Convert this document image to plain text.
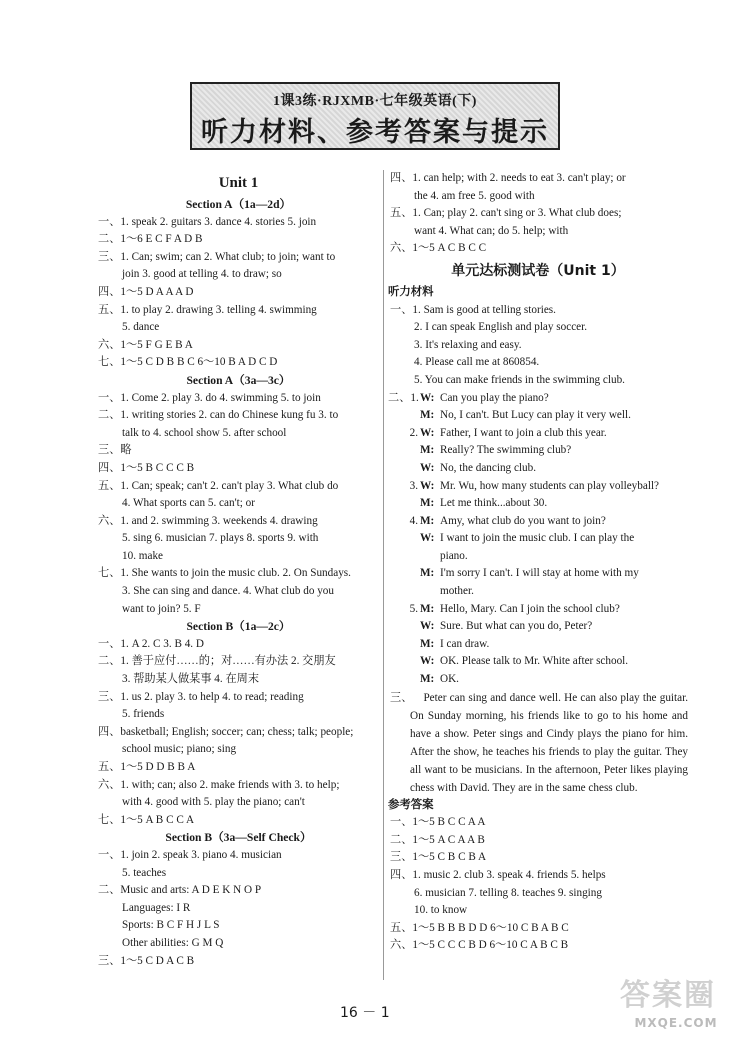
1课3练·RJXMB·七年级英语(下)
听力材料、参考答案与提示
Unit 1
Section A（1a—2d）
一、1. speak 2. guitars 3. dance 4. stories 5. join
二、1～6 E C F A D B
三、1. Can; swim; can 2. What club; to join; want to
join 3. good at telling 4. to draw; so
四、1～5 D A A A D
五、1. to play 2. drawing 3. telling 4. swimming
5. dance
六、1～5 F G E B A
七、1～5 C D B B C 6～10 B A D C D
Section A（3a—3c）
一、1. Come 2. play 3. do 4. swimming 5. to join
二、1. writing stories 2. can do Chinese kung fu 3. to
talk to 4. school show 5. after school
三、略
四、1～5 B C C C B
五、1. Can; speak; can't 2. can't play 3. What club do
4. What sports can 5. can't; or
六、1. and 2. swimming 3. weekends 4. drawing
5. sing 6. musician 7. plays 8. sports 9. with
10. make
七、1. She wants to join the music club. 2. On Sundays.
3. She can sing and dance. 4. What club do you
want to join? 5. F
Section B（1a—2c）
一、1. A 2. C 3. B 4. D
二、1. 善于应付……的；对……有办法 2. 交朋友
3. 帮助某人做某事 4. 在周末
三、1. us 2. play 3. to help 4. to read; reading
5. friends
四、basketball; English; soccer; can; chess; talk; people;
school music; piano; sing
五、1～5 D D B B A
六、1. with; can; also 2. make friends with 3. to help;
with 4. good with 5. play the piano; can't
七、1～5 A B C C A
Section B（3a—Self Check）
一、1. join 2. speak 3. piano 4. musician
5. teaches
二、Music and arts: A D E K N O P
Languages: I R
Sports: B C F H J L S
Other abilities: G M Q
三、1～5 C D A C B
四、1. can help; with 2. needs to eat 3. can't play; or
the 4. am free 5. good with
五、1. Can; play 2. can't sing or 3. What club does;
want 4. What can; do 5. help; with
六、1～5 A C B C C
单元达标测试卷（Unit 1）
听力材料
一、1. Sam is good at telling stories.
2. I can speak English and play soccer.
3. It's relaxing and easy.
4. Please call me at 860854.
5. You can make friends in the swimming club.
二、1. W: Can you play the piano?
M: No, I can't. But Lucy can play it very well.
2. W: Father, I want to join a club this year.
M: Really? The swimming club?
W: No, the dancing club.
3. W: Mr. Wu, how many students can play volleyball?
M: Let me think...about 30.
4. M: Amy, what club do you want to join?
W: I want to join the music club. I can play the
piano.
M: I'm sorry I can't. I will stay at home with my
mother.
5. M: Hello, Mary. Can I join the school club?
W: Sure. But what can you do, Peter?
M: I can draw.
W: OK. Please talk to Mr. White after school.
M: OK.
三、 Peter can sing and dance well. He can also play the guitar. On Sunday morning, his friends like to go to his home and have a show. Peter sings and Cindy plays the piano for him. After the show, he teaches his friends to play the guitar. They all want to be musicians. In the afternoon, Peter likes playing chess with David. They are in the same chess club.
参考答案
一、1～5 B C C A A
二、1～5 A C A A B
三、1～5 C B C B A
四、1. music 2. club 3. speak 4. friends 5. helps
6. musician 7. telling 8. teaches 9. singing
10. to know
五、1～5 B B B D D 6～10 C B A B C
六、1～5 C C C B D 6～10 C A B C B
16 － 1	答案圈
MXQE.COM
